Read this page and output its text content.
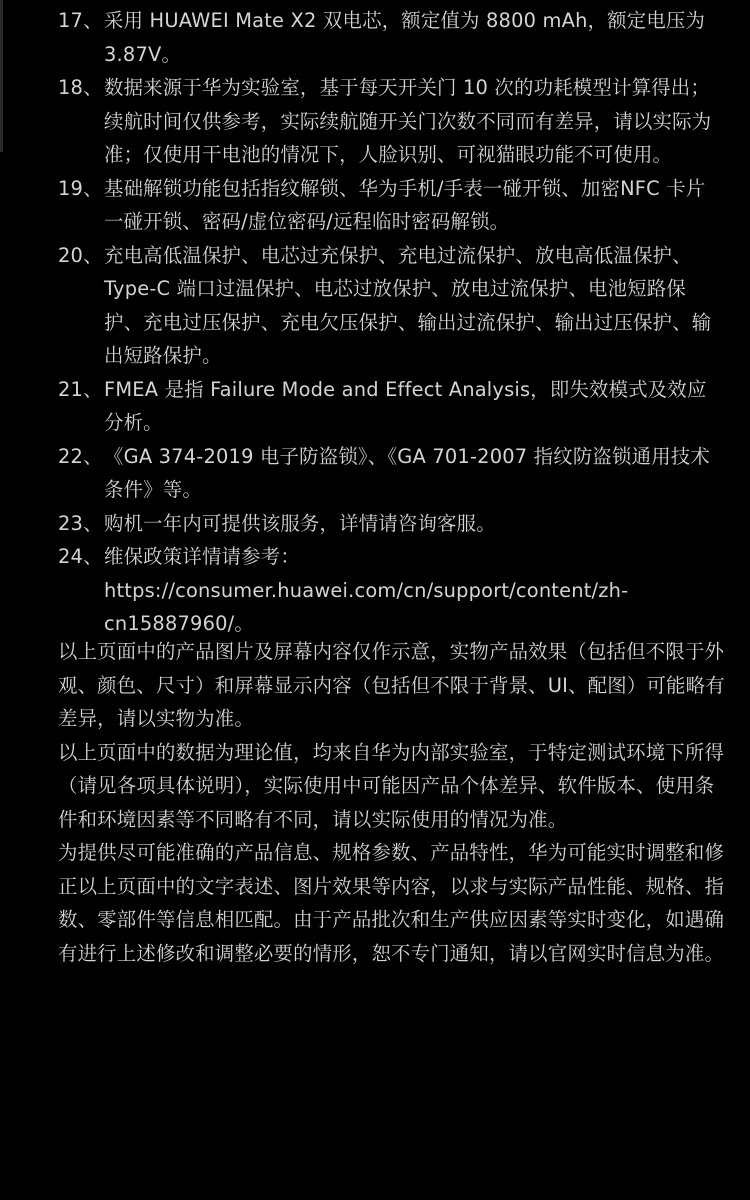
17、 采用 HUAWEI Mate X2 双电芯，额定值为 8800 mAh，额定电压为 3.87V。
18、 数据来源于华为实验室，基于每天开关门 10 次的功耗模型计算得出；续航时间仅供参考，实际续航随开关门次数不同而有差异，请以实际为准；仅使用干电池的情况下，人脸识别、可视猫眼功能不可使用。
19、 基础解锁功能包括指纹解锁、华为手机/手表一碰开锁、加密NFC 卡片一碰开锁、密码/虚位密码/远程临时密码解锁。
20、 充电高低温保护、电芯过充保护、充电过流保护、放电高低温保护、Type-C 端口过温保护、电芯过放保护、放电过流保护、电池短路保护、充电过压保护、充电欠压保护、输出过流保护、输出过压保护、输出短路保护。
21、 FMEA 是指 Failure Mode and Effect Analysis，即失效模式及效应分析。
22、 《GA 374-2019 电子防盗锁》、《GA 701-2007 指纹防盗锁通用技术条件》等。
23、 购机一年内可提供该服务，详情请咨询客服。
24、 维保政策详情请参考：https://consumer.huawei.com/cn/support/content/zh-cn15887960/。

以上页面中的产品图片及屏幕内容仅作示意，实物产品效果（包括但不限于外观、颜色、尺寸）和屏幕显示内容（包括但不限于背景、UI、配图）可能略有差异，请以实物为准。

以上页面中的数据为理论值，均来自华为内部实验室，于特定测试环境下所得（请见各项具体说明），实际使用中可能因产品个体差异、软件版本、使用条件和环境因素等不同略有不同，请以实际使用的情况为准。

为提供尽可能准确的产品信息、规格参数、产品特性，华为可能实时调整和修正以上页面中的文字表述、图片效果等内容，以求与实际产品性能、规格、指数、零部件等信息相匹配。由于产品批次和生产供应因素等实时变化，如遇确有进行上述修改和调整必要的情形，恕不专门通知，请以官网实时信息为准。
